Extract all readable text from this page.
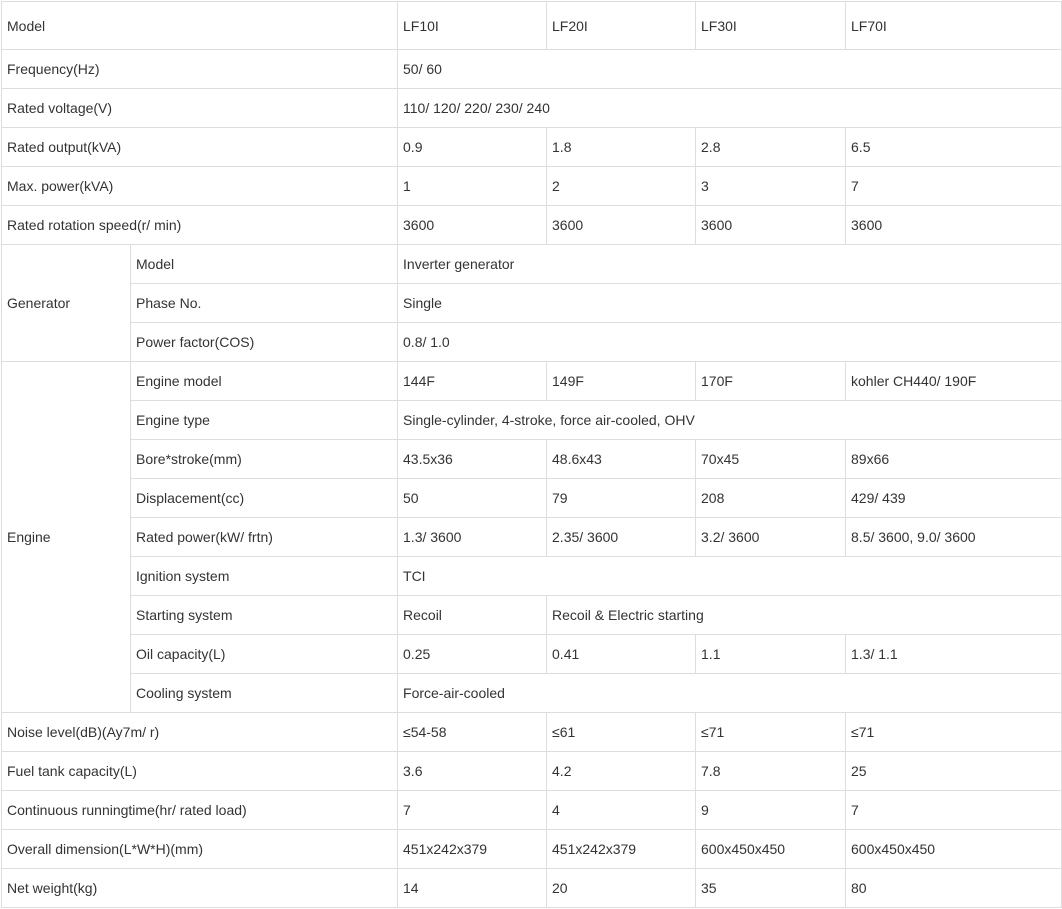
Model		LF10I	LF20I	LF30I	LF70I
Frequency(Hz)		50/ 60			
Rated voltage(V)		110/ 120/ 220/ 230/ 240			
Rated output(kVA)		0.9	1.8	2.8	6.5
Max. power(kVA)		1	2	3	7
Rated rotation speed(r/ min)		3600	3600	3600	3600
Generator	Model	Inverter generator			
	Phase No.	Single			
	Power factor(COS)	0.8/ 1.0			
Engine	Engine model	144F	149F	170F	kohler CH440/ 190F
	Engine type	Single-cylinder, 4-stroke, force air-cooled, OHV			
	Bore*stroke(mm)	43.5x36	48.6x43	70x45	89x66
	Displacement(cc)	50	79	208	429/ 439
	Rated power(kW/ frtn)	1.3/ 3600	2.35/ 3600	3.2/ 3600	8.5/ 3600, 9.0/ 3600
	Ignition system	TCI			
	Starting system	Recoil	Recoil & Electric starting		
	Oil capacity(L)	0.25	0.41	1.1	1.3/ 1.1
	Cooling system	Force-air-cooled			
Noise level(dB)(Ay7m/ r)		≤54-58	≤61	≤71	≤71
Fuel tank capacity(L)		3.6	4.2	7.8	25
Continuous runningtime(hr/ rated load)		7	4	9	7
Overall dimension(L*W*H)(mm)		451x242x379	451x242x379	600x450x450	600x450x450
Net weight(kg)		14	20	35	80
